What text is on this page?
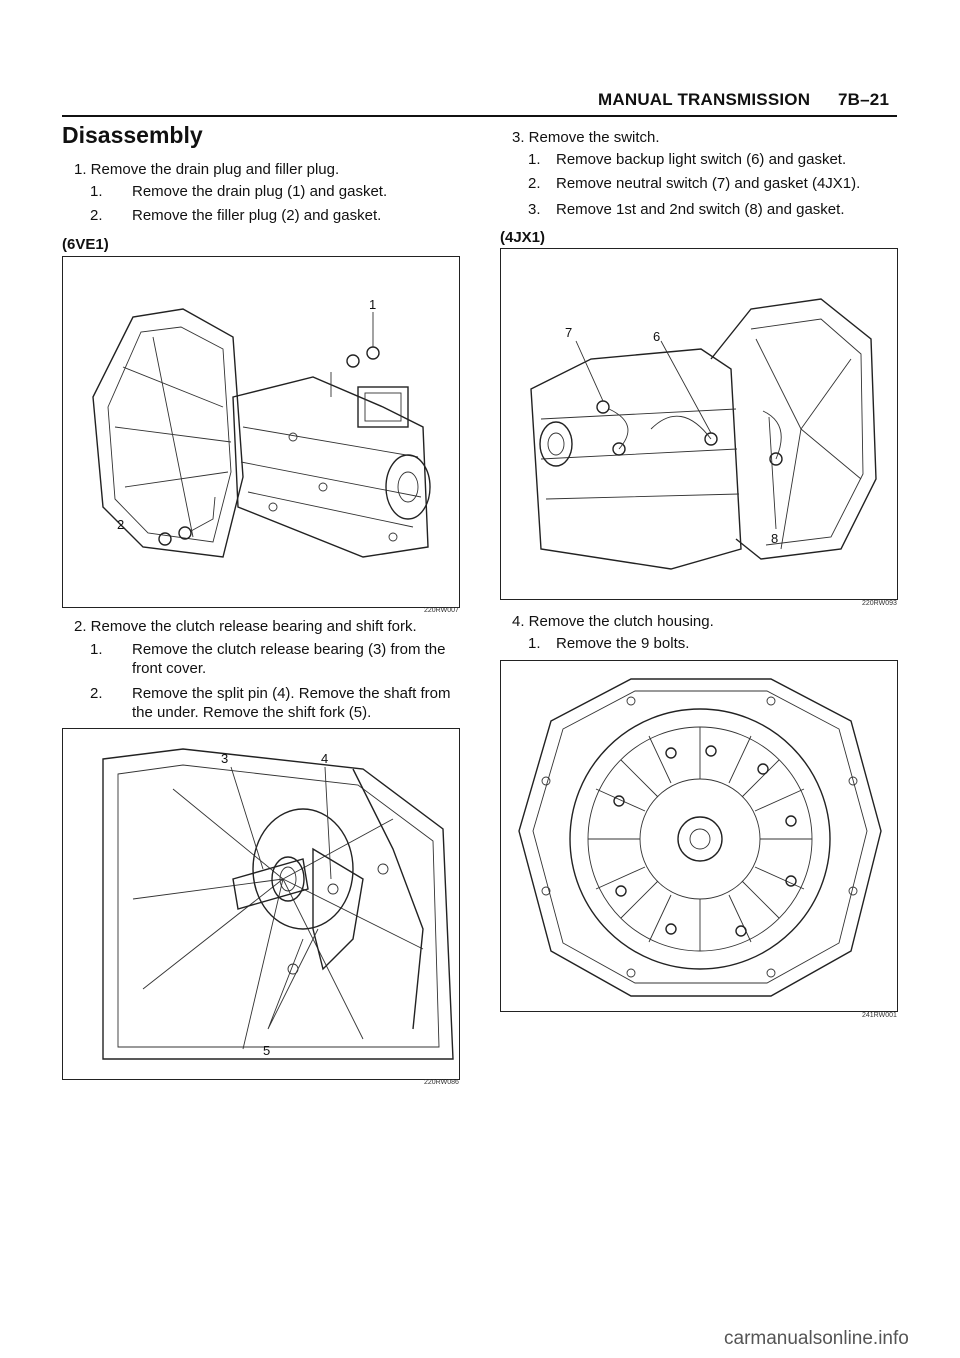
MANUAL TRANSMISSION 7B–21
Disassembly
1. Remove the drain plug and filler plug.
1. Remove the drain plug (1) and gasket.
2. Remove the filler plug (2) and gasket.
(6VE1)
1
2
220RW007
2. Remove the clutch release bearing and shift fork.
1. Remove the clutch release bearing (3) from the
front cover.
2. Remove the split pin (4). Remove the shaft from
the under. Remove the shift fork (5).
3	4
5
220RW086
3. Remove the switch.
1. Remove backup light switch (6) and gasket.
2. Remove neutral switch (7) and gasket (4JX1).
3. Remove 1st and 2nd switch (8) and gasket.
(4JX1)
7	6
8
220RW093
4. Remove the clutch housing.
1. Remove the 9 bolts.
241RW001
carmanualsonline.info
